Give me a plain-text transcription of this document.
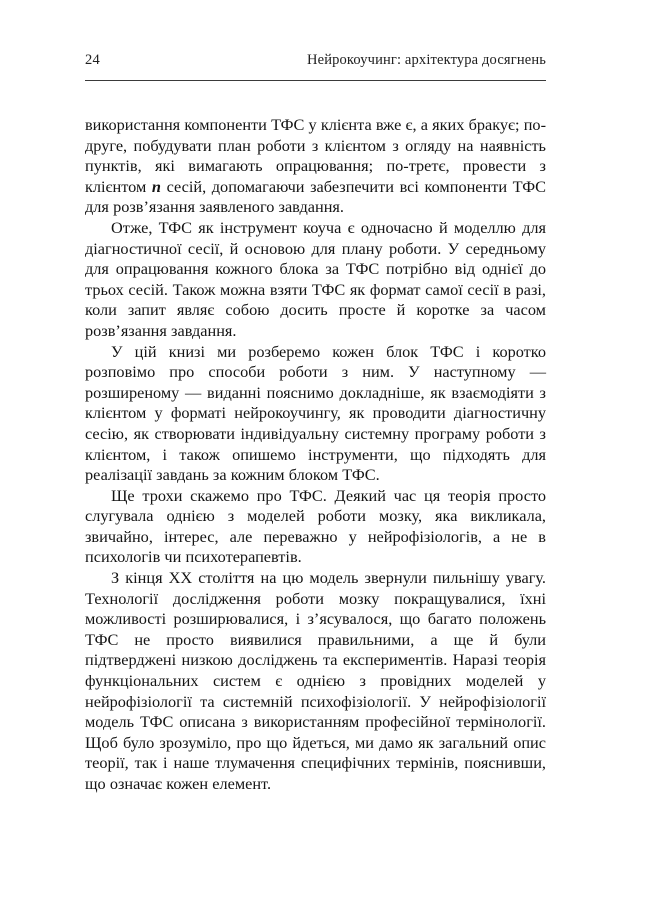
24	Нейрокоучинг: архітектура досягнень

використання компоненти ТФС у клієнта вже є, а яких бракує; по-друге, побудувати план роботи з клієнтом з огляду на наявність пунктів, які вимагають опрацювання; по-третє, провести з клієнтом n сесій, допомагаючи забезпечити всі компоненти ТФС для розв’язання заявленого завдання.

Отже, ТФС як інструмент коуча є одночасно й моделлю для діагностичної сесії, й основою для плану роботи. У середньому для опрацювання кожного блока за ТФС потрібно від однієї до трьох сесій. Також можна взяти ТФС як формат самої сесії в разі, коли запит являє собою досить просте й коротке за часом розв’язання завдання.

У цій книзі ми розберемо кожен блок ТФС і коротко розповімо про способи роботи з ним. У наступному — розширеному — виданні пояснимо докладніше, як взаємодіяти з клієнтом у форматі нейрокоучингу, як проводити діагностичну сесію, як створювати індивідуальну системну програму роботи з клієнтом, і також опишемо інструменти, що підходять для реалізації завдань за кожним блоком ТФС.

Ще трохи скажемо про ТФС. Деякий час ця теорія просто слугувала однією з моделей роботи мозку, яка викликала, звичайно, інтерес, але переважно у нейрофізіологів, а не в психологів чи психотерапевтів.

З кінця ХХ століття на цю модель звернули пильнішу увагу. Технології дослідження роботи мозку покращувалися, їхні можливості розширювалися, і з’ясувалося, що багато положень ТФС не просто виявилися правильними, а ще й були підтверджені низкою досліджень та експериментів. Наразі теорія функціональних систем є однією з провідних моделей у нейрофізіології та системній психофізіології. У нейрофізіології модель ТФС описана з використанням професійної термінології. Щоб було зрозуміло, про що йдеться, ми дамо як загальний опис теорії, так і наше тлумачення специфічних термінів, пояснивши, що означає кожен елемент.
